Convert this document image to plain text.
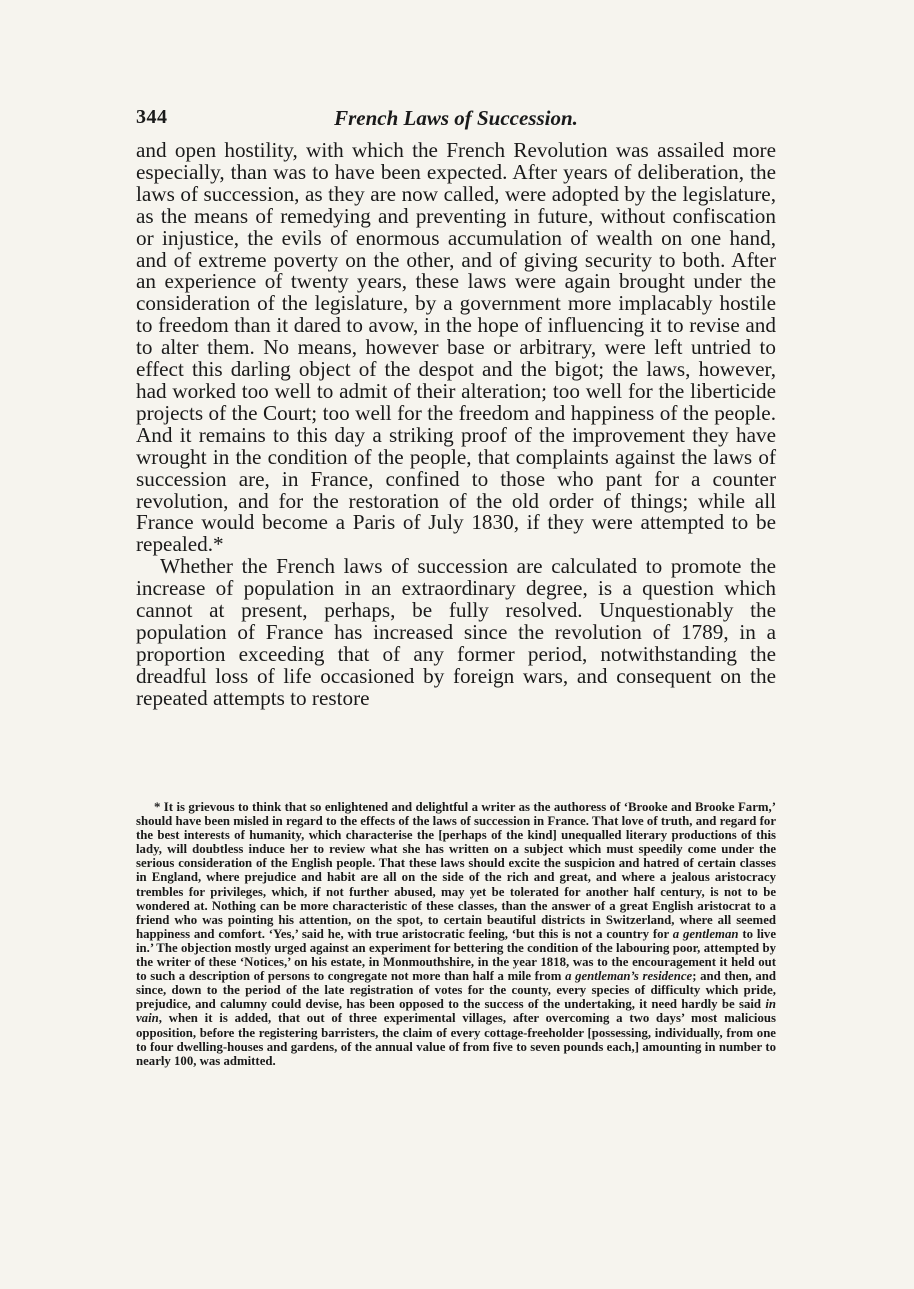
344	French Laws of Succession.

and open hostility, with which the French Revolution was assailed more especially, than was to have been expected. After years of deliberation, the laws of succession, as they are now called, were adopted by the legislature, as the means of remedying and preventing in future, without confiscation or injustice, the evils of enormous accumulation of wealth on one hand, and of extreme poverty on the other, and of giving security to both. After an experience of twenty years, these laws were again brought under the consideration of the legislature, by a government more implacably hostile to freedom than it dared to avow, in the hope of influencing it to revise and to alter them. No means, however base or arbitrary, were left untried to effect this darling object of the despot and the bigot; the laws, however, had worked too well to admit of their alteration; too well for the liberticide projects of the Court; too well for the freedom and happiness of the people. And it remains to this day a striking proof of the improvement they have wrought in the condition of the people, that complaints against the laws of succession are, in France, confined to those who pant for a counter revolution, and for the restoration of the old order of things; while all France would become a Paris of July 1830, if they were attempted to be repealed.*

Whether the French laws of succession are calculated to promote the increase of population in an extraordinary degree, is a question which cannot at present, perhaps, be fully resolved. Unquestionably the population of France has increased since the revolution of 1789, in a proportion exceeding that of any former period, notwithstanding the dreadful loss of life occasioned by foreign wars, and consequent on the repeated attempts to restore

* It is grievous to think that so enlightened and delightful a writer as the authoress of ‘Brooke and Brooke Farm,’ should have been misled in regard to the effects of the laws of succession in France. That love of truth, and regard for the best interests of humanity, which characterise the [perhaps of the kind] unequalled literary productions of this lady, will doubtless induce her to review what she has written on a subject which must speedily come under the serious consideration of the English people. That these laws should excite the suspicion and hatred of certain classes in England, where prejudice and habit are all on the side of the rich and great, and where a jealous aristocracy trembles for privileges, which, if not further abused, may yet be tolerated for another half century, is not to be wondered at. Nothing can be more characteristic of these classes, than the answer of a great English aristocrat to a friend who was pointing his attention, on the spot, to certain beautiful districts in Switzerland, where all seemed happiness and comfort. ‘Yes,’ said he, with true aristocratic feeling, ‘but this is not a country for a gentleman to live in.’ The objection mostly urged against an experiment for bettering the condition of the labouring poor, attempted by the writer of these ‘Notices,’ on his estate, in Monmouthshire, in the year 1818, was to the encouragement it held out to such a description of persons to congregate not more than half a mile from a gentleman’s residence; and then, and since, down to the period of the late registration of votes for the county, every species of difficulty which pride, prejudice, and calumny could devise, has been opposed to the success of the undertaking, it need hardly be said in vain, when it is added, that out of three experimental villages, after overcoming a two days’ most malicious opposition, before the registering barristers, the claim of every cottage-freeholder [possessing, individually, from one to four dwelling-houses and gardens, of the annual value of from five to seven pounds each,] amounting in number to nearly 100, was admitted.
